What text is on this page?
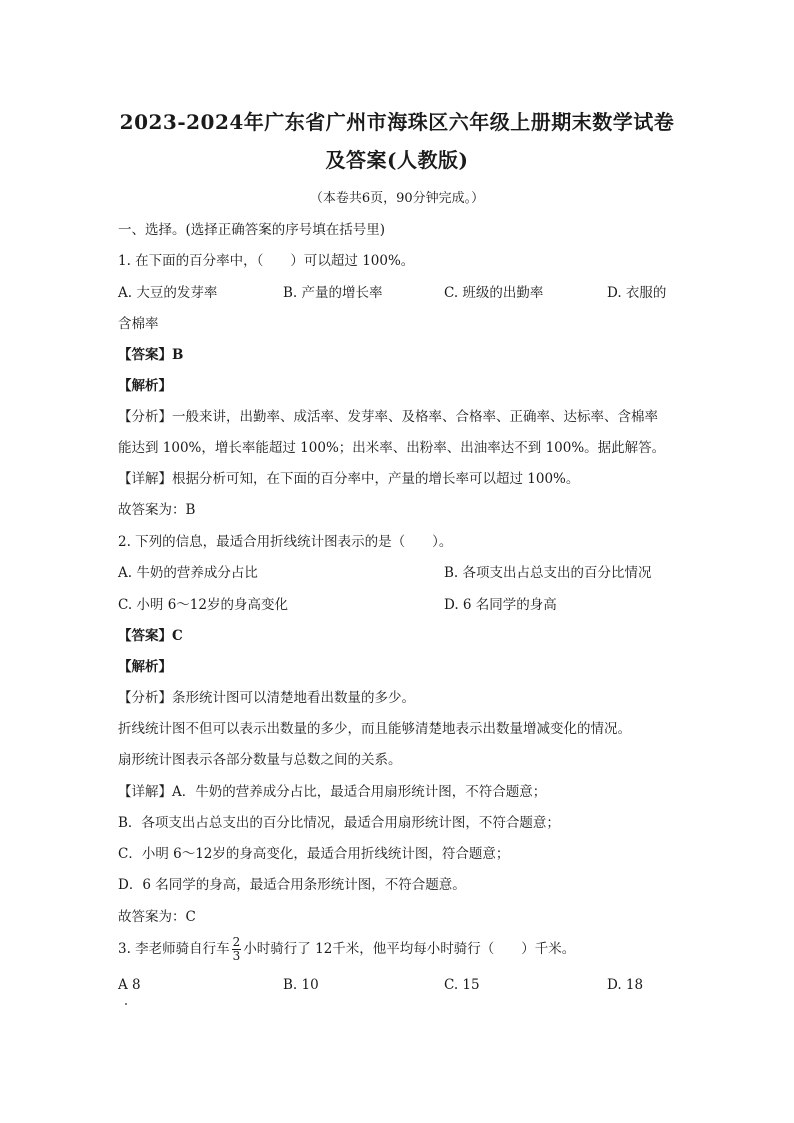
2023-2024年广东省广州市海珠区六年级上册期末数学试卷
及答案(人教版)
（本卷共6页，90分钟完成。）
一、选择。(选择正确答案的序号填在括号里)
1. 在下面的百分率中，（　　）可以超过 100%。
A. 大豆的发芽率	B. 产量的增长率	C. 班级的出勤率	D. 衣服的
含棉率
【答案】B
【解析】
【分析】一般来讲，出勤率、成活率、发芽率、及格率、合格率、正确率、达标率、含棉率
能达到 100%，增长率能超过 100%；出米率、出粉率、出油率达不到 100%。据此解答。
【详解】根据分析可知，在下面的百分率中，产量的增长率可以超过 100%。
故答案为：B
2. 下列的信息，最适合用折线统计图表示的是（　　）。
A. 牛奶的营养成分占比	B. 各项支出占总支出的百分比情况
C. 小明 6～12岁的身高变化	D. 6 名同学的身高
【答案】C
【解析】
【分析】条形统计图可以清楚地看出数量的多少。
折线统计图不但可以表示出数量的多少，而且能够清楚地表示出数量增减变化的情况。
扇形统计图表示各部分数量与总数之间的关系。
【详解】A．牛奶的营养成分占比，最适合用扇形统计图，不符合题意；
B．各项支出占总支出的百分比情况，最适合用扇形统计图，不符合题意；
C．小明 6～12岁的身高变化，最适合用折线统计图，符合题意；
D．6 名同学的身高，最适合用条形统计图，不符合题意。
故答案为：C
3. 李老师骑自行车 $\frac{2}{3}$ 小时骑行了 12千米，他平均每小时骑行（　　）千米。
A 8	B. 10	C. 15	D. 18
